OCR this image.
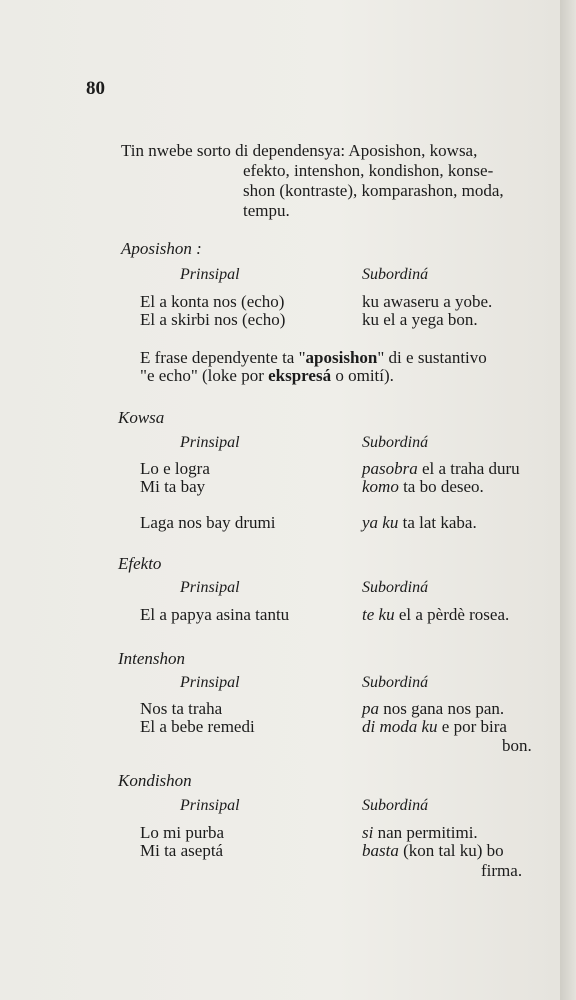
80
Tin nwebe sorto di dependensya: Aposishon, kowsa,
efekto, intenshon, kondishon, konse-
shon (kontraste), komparashon, moda,
tempu.
Aposishon :
Prinsipal	Subordiná
El a konta nos (echo)	ku awaseru a yobe.
El a skirbi nos (echo)	ku el a yega bon.
E frase dependyente ta "aposishon" di e sustantivo
"e echo" (loke por ekspresá o omití).
Kowsa
Prinsipal	Subordiná
Lo e logra	pasobra el a traha duru
Mi ta bay	komo ta bo deseo.
Laga nos bay drumi	ya ku ta lat kaba.
Efekto
Prinsipal	Subordiná
El a papya asina tantu	te ku el a pèrdè rosea.
Intenshon
Prinsipal	Subordiná
Nos ta traha	pa nos gana nos pan.
El a bebe remedi	di moda ku e por bira
bon.
Kondishon
Prinsipal	Subordiná
Lo mi purba	si nan permitimi.
Mi ta aseptá	basta (kon tal ku) bo
firma.
